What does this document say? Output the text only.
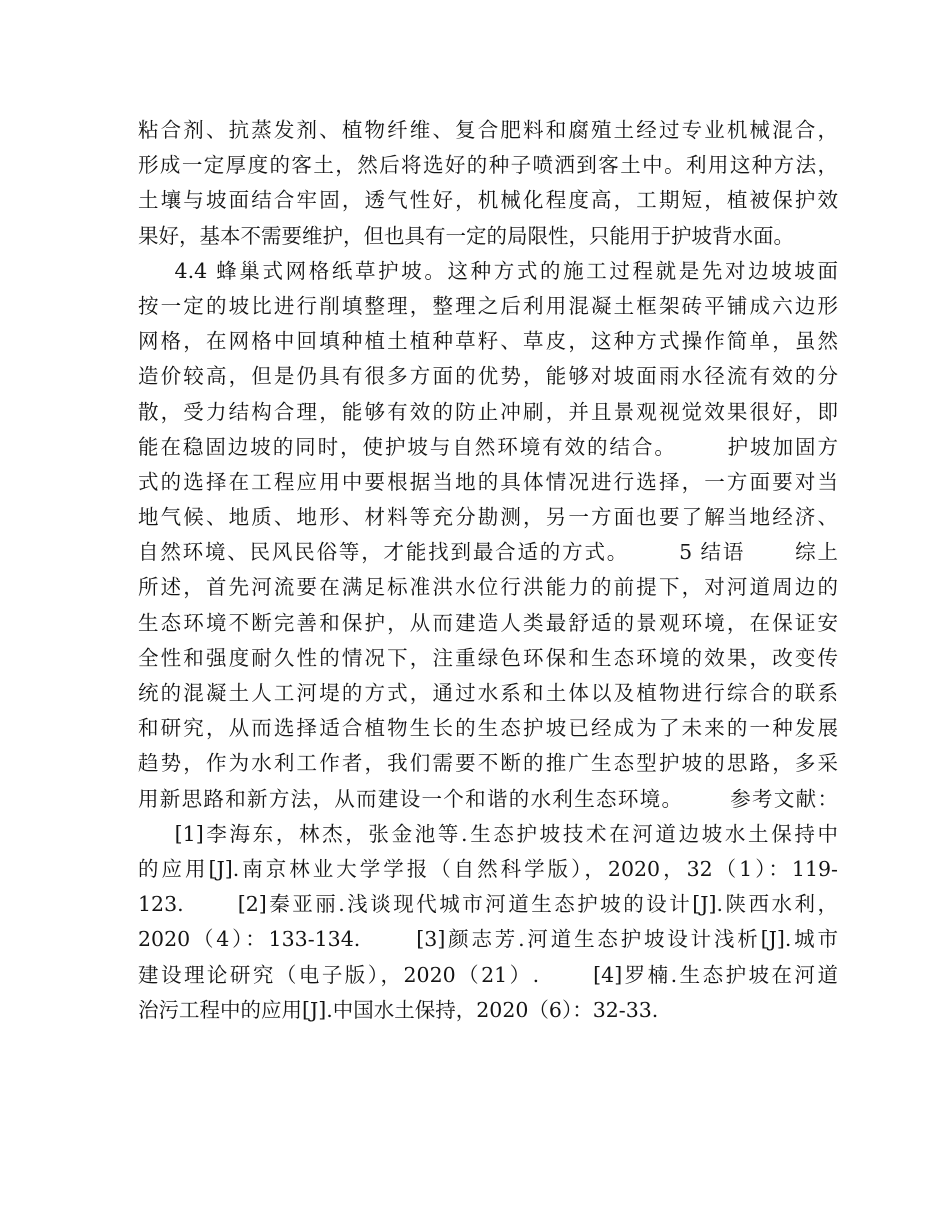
粘合剂、抗蒸发剂、植物纤维、复合肥料和腐殖土经过专业机械混合，
形成一定厚度的客土，然后将选好的种子喷洒到客土中。利用这种方法，
土壤与坡面结合牢固，透气性好，机械化程度高，工期短，植被保护效
果好，基本不需要维护，但也具有一定的局限性，只能用于护坡背水面。
4.4 蜂巢式网格纸草护坡。这种方式的施工过程就是先对边坡坡面
按一定的坡比进行削填整理，整理之后利用混凝土框架砖平铺成六边形
网格，在网格中回填种植土植种草籽、草皮，这种方式操作简单，虽然
造价较高，但是仍具有很多方面的优势，能够对坡面雨水径流有效的分
散，受力结构合理，能够有效的防止冲刷，并且景观视觉效果很好，即
能在稳固边坡的同时，使护坡与自然环境有效的结合。      护坡加固方
式的选择在工程应用中要根据当地的具体情况进行选择，一方面要对当
地气候、地质、地形、材料等充分勘测，另一方面也要了解当地经济、
自然环境、民风民俗等，才能找到最合适的方式。      5 结语      综上
所述，首先河流要在满足标准洪水位行洪能力的前提下，对河道周边的
生态环境不断完善和保护，从而建造人类最舒适的景观环境，在保证安
全性和强度耐久性的情况下，注重绿色环保和生态环境的效果，改变传
统的混凝土人工河堤的方式，通过水系和土体以及植物进行综合的联系
和研究，从而选择适合植物生长的生态护坡已经成为了未来的一种发展
趋势，作为水利工作者，我们需要不断的推广生态型护坡的思路，多采
用新思路和新方法，从而建设一个和谐的水利生态环境。      参考文献：
[1]李海东，林杰，张金池等.生态护坡技术在河道边坡水土保持中
的应用[J].南京林业大学学报（自然科学版），2020，32（1）：119-
123.      [2]秦亚丽.浅谈现代城市河道生态护坡的设计[J].陕西水利，
2020（4）：133-134.      [3]颜志芳.河道生态护坡设计浅析[J].城市
建设理论研究（电子版），2020（21）.      [4]罗楠.生态护坡在河道
治污工程中的应用[J].中国水土保持，2020（6）：32-33.
